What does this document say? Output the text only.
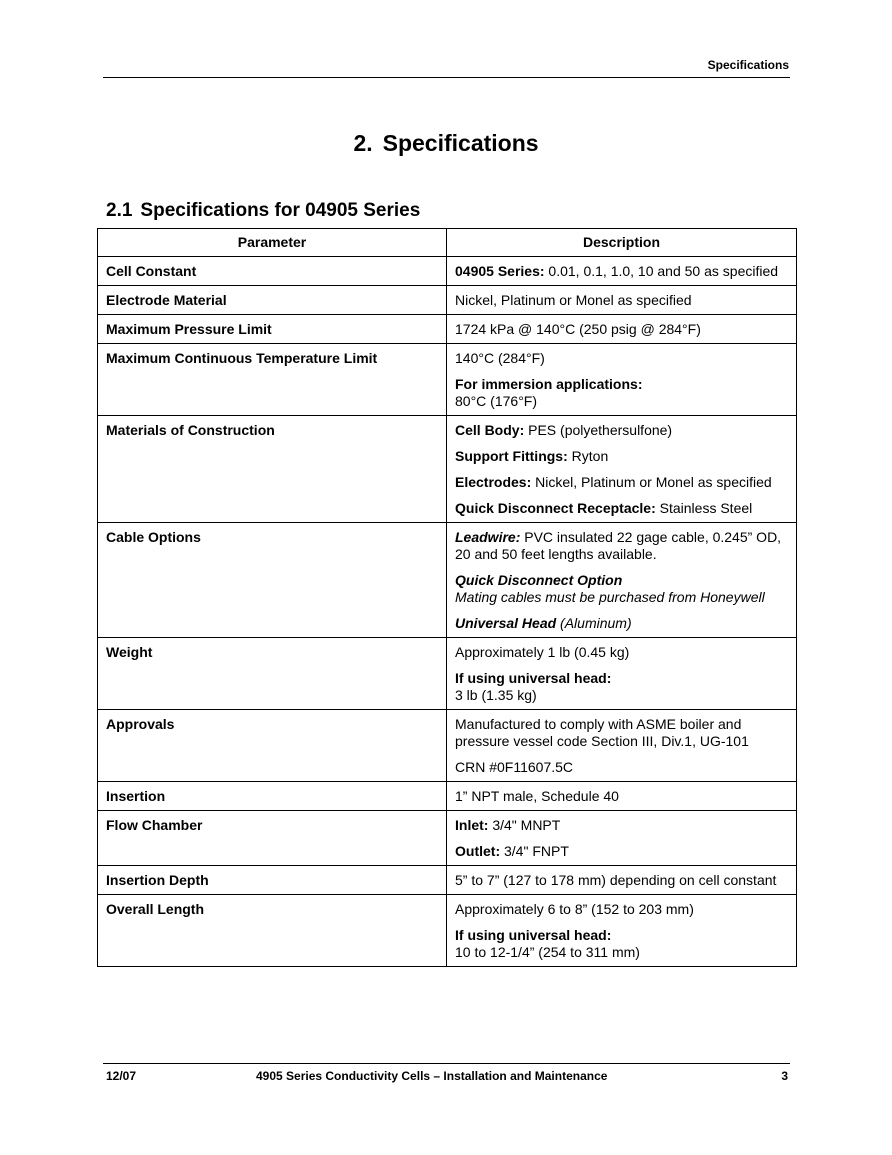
Specifications
2. Specifications
2.1 Specifications for 04905 Series
Parameter	Description
Cell Constant	04905 Series: 0.01, 0.1, 1.0, 10 and 50 as specified

Electrode Material	Nickel, Platinum or Monel as specified

Maximum Pressure Limit	1724 kPa @ 140°C (250 psig @ 284°F)

Maximum Continuous Temperature Limit	140°C (284°F)
For immersion applications:
80°C (176°F)

Materials of Construction	Cell Body: PES (polyethersulfone)
Support Fittings: Ryton
Electrodes: Nickel, Platinum or Monel as specified
Quick Disconnect Receptacle: Stainless Steel

Cable Options	Leadwire: PVC insulated 22 gage cable, 0.245” OD, 20 and 50 feet lengths available.
Quick Disconnect Option
Mating cables must be purchased from Honeywell
Universal Head (Aluminum)

Weight	Approximately 1 lb (0.45 kg)
If using universal head:
3 lb (1.35 kg)

Approvals	Manufactured to comply with ASME boiler and pressure vessel code Section III, Div.1, UG-101
CRN #0F11607.5C

Insertion	1” NPT male, Schedule 40

Flow Chamber	Inlet: 3/4" MNPT
Outlet: 3/4" FNPT

Insertion Depth	5” to 7” (127 to 178 mm) depending on cell constant

Overall Length	Approximately 6 to 8” (152 to 203 mm)
If using universal head:
10 to 12-1/4” (254 to 311 mm)
12/07	4905 Series Conductivity Cells – Installation and Maintenance	3
